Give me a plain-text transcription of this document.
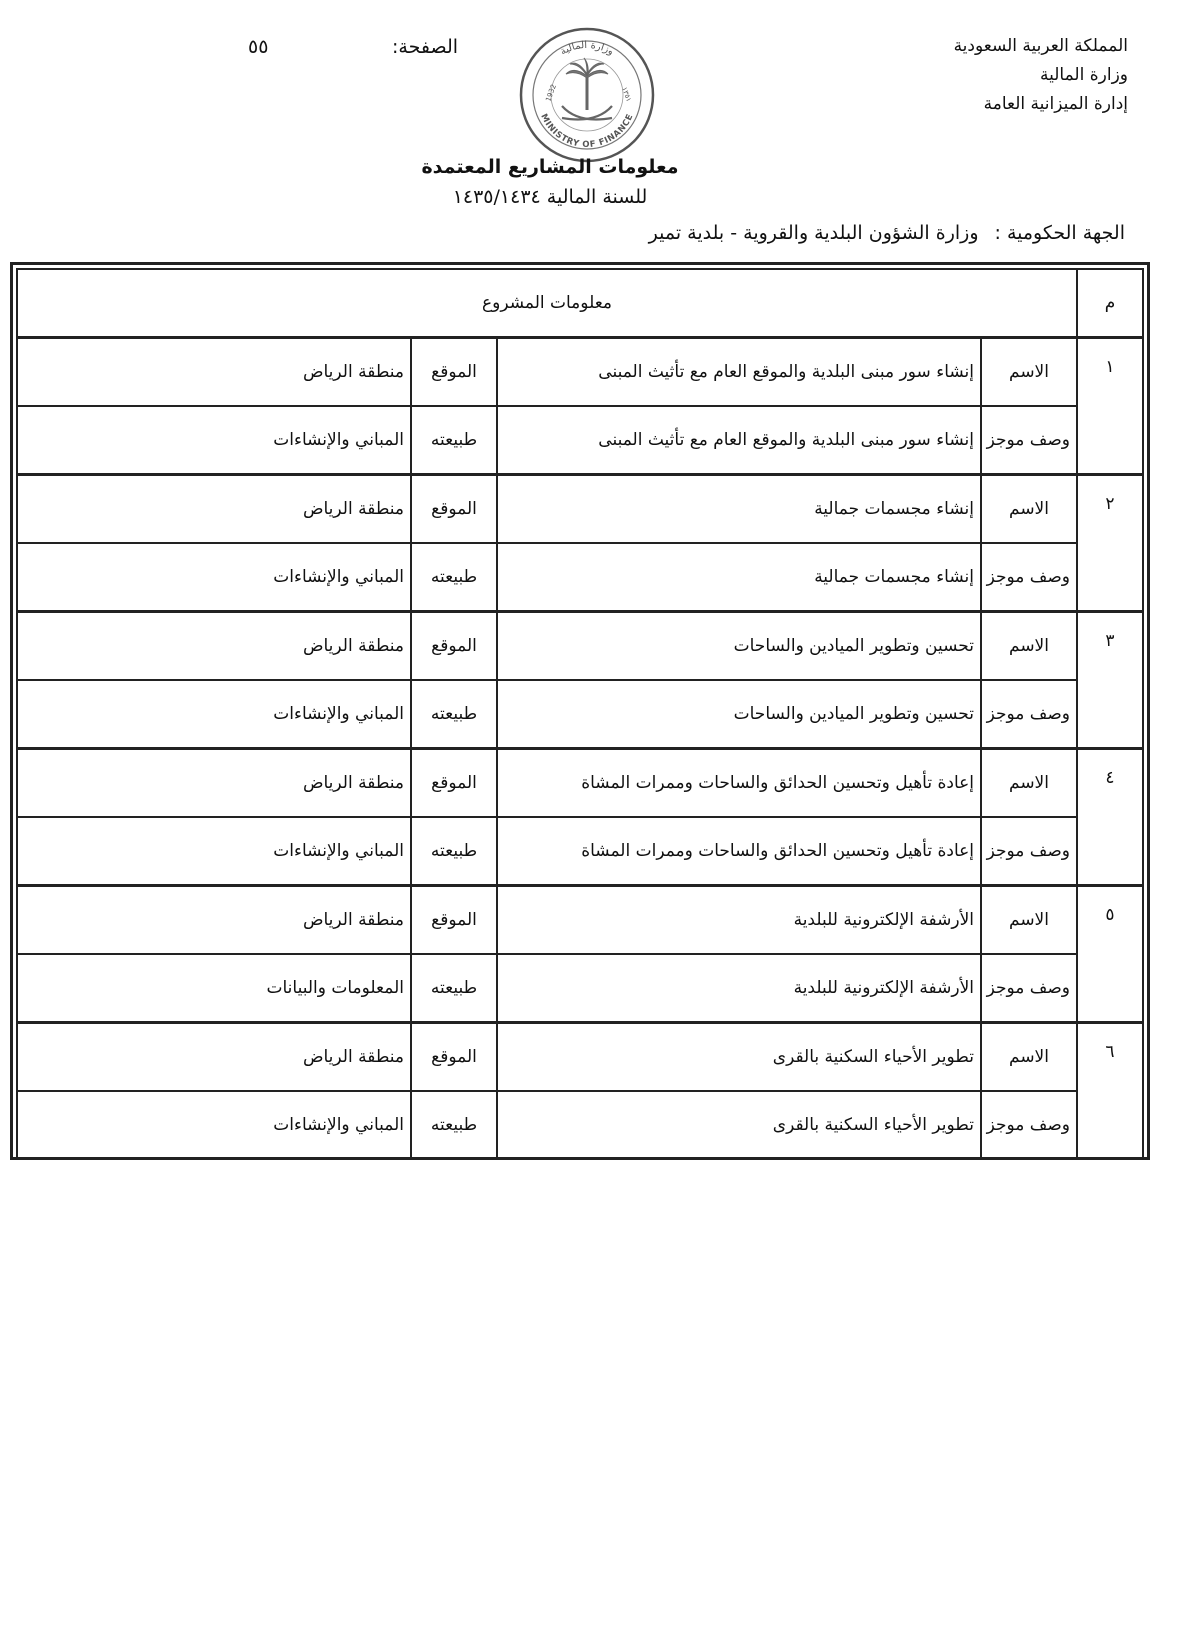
المملكة العربية السعودية
وزارة المالية
إدارة الميزانية العامة
الصفحة:
٥٥	وزارة المالية
MINISTRY OF FINANCE
1932	١٣٥١
معلومات المشاريع المعتمدة
للسنة المالية ١٤٣٥/١٤٣٤
الجهة الحكومية :وزارة الشؤون البلدية والقروية - بلدية تمير
م	معلومات المشروع			
١	الاسم	إنشاء سور مبنى البلدية والموقع العام مع تأثيث المبنى	الموقع	منطقة الرياض
	وصف موجز	إنشاء سور مبنى البلدية والموقع العام مع تأثيث المبنى	طبيعته	المباني والإنشاءات
٢	الاسم	إنشاء مجسمات جمالية	الموقع	منطقة الرياض
	وصف موجز	إنشاء مجسمات جمالية	طبيعته	المباني والإنشاءات
٣	الاسم	تحسين وتطوير الميادين والساحات	الموقع	منطقة الرياض
	وصف موجز	تحسين وتطوير الميادين والساحات	طبيعته	المباني والإنشاءات
٤	الاسم	إعادة تأهيل وتحسين الحدائق والساحات وممرات المشاة	الموقع	منطقة الرياض
	وصف موجز	إعادة تأهيل وتحسين الحدائق والساحات وممرات المشاة	طبيعته	المباني والإنشاءات
٥	الاسم	الأرشفة الإلكترونية للبلدية	الموقع	منطقة الرياض
	وصف موجز	الأرشفة الإلكترونية للبلدية	طبيعته	المعلومات والبيانات
٦	الاسم	تطوير الأحياء السكنية بالقرى	الموقع	منطقة الرياض
	وصف موجز	تطوير الأحياء السكنية بالقرى	طبيعته	المباني والإنشاءات
